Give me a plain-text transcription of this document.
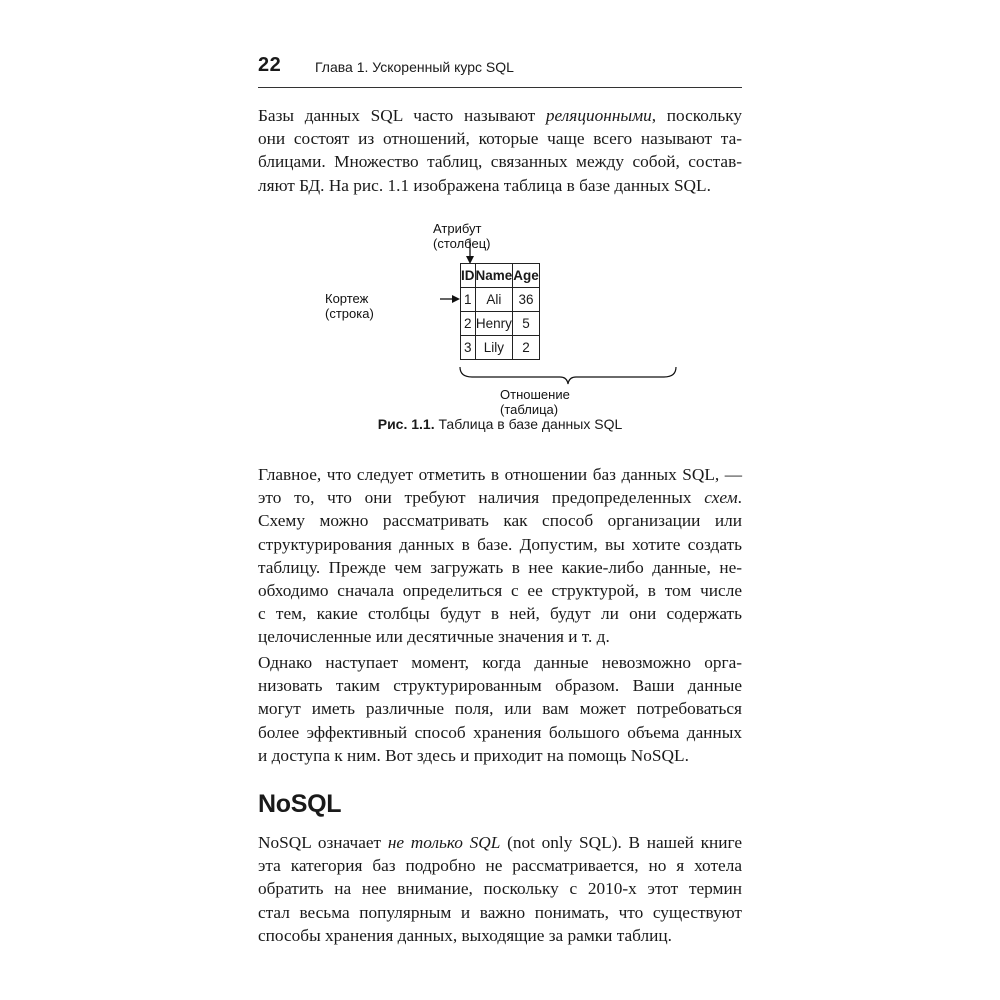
22 Глава 1. Ускоренный курс SQL
Базы данных SQL часто называют реляционными, поскольку
они состоят из отношений, которые чаще всего называют та-
блицами. Множество таблиц, связанных между собой, состав-
ляют БД. На рис. 1.1 изображена таблица в базе данных SQL.
Атрибут (столбец)
Кортеж (строка)
ID	Name	Age
1	Ali	36
2	Henry	5
3	Lily	2
Отношение (таблица)
Рис. 1.1. Таблица в базе данных SQL
Главное, что следует отметить в отношении баз данных SQL, —
это то, что они требуют наличия предопределенных схем.
Схему можно рассматривать как способ организации или
структурирования данных в базе. Допустим, вы хотите создать
таблицу. Прежде чем загружать в нее какие-либо данные, не-
обходимо сначала определиться с ее структурой, в том числе
с тем, какие столбцы будут в ней, будут ли они содержать
целочисленные или десятичные значения и т. д.
Однако наступает момент, когда данные невозможно орга-
низовать таким структурированным образом. Ваши данные
могут иметь различные поля, или вам может потребоваться
более эффективный способ хранения большого объема данных
и доступа к ним. Вот здесь и приходит на помощь NoSQL.
NoSQL
NoSQL означает не только SQL (not only SQL). В нашей книге
эта категория баз подробно не рассматривается, но я хотела
обратить на нее внимание, поскольку с 2010-х этот термин
стал весьма популярным и важно понимать, что существуют
способы хранения данных, выходящие за рамки таблиц.
